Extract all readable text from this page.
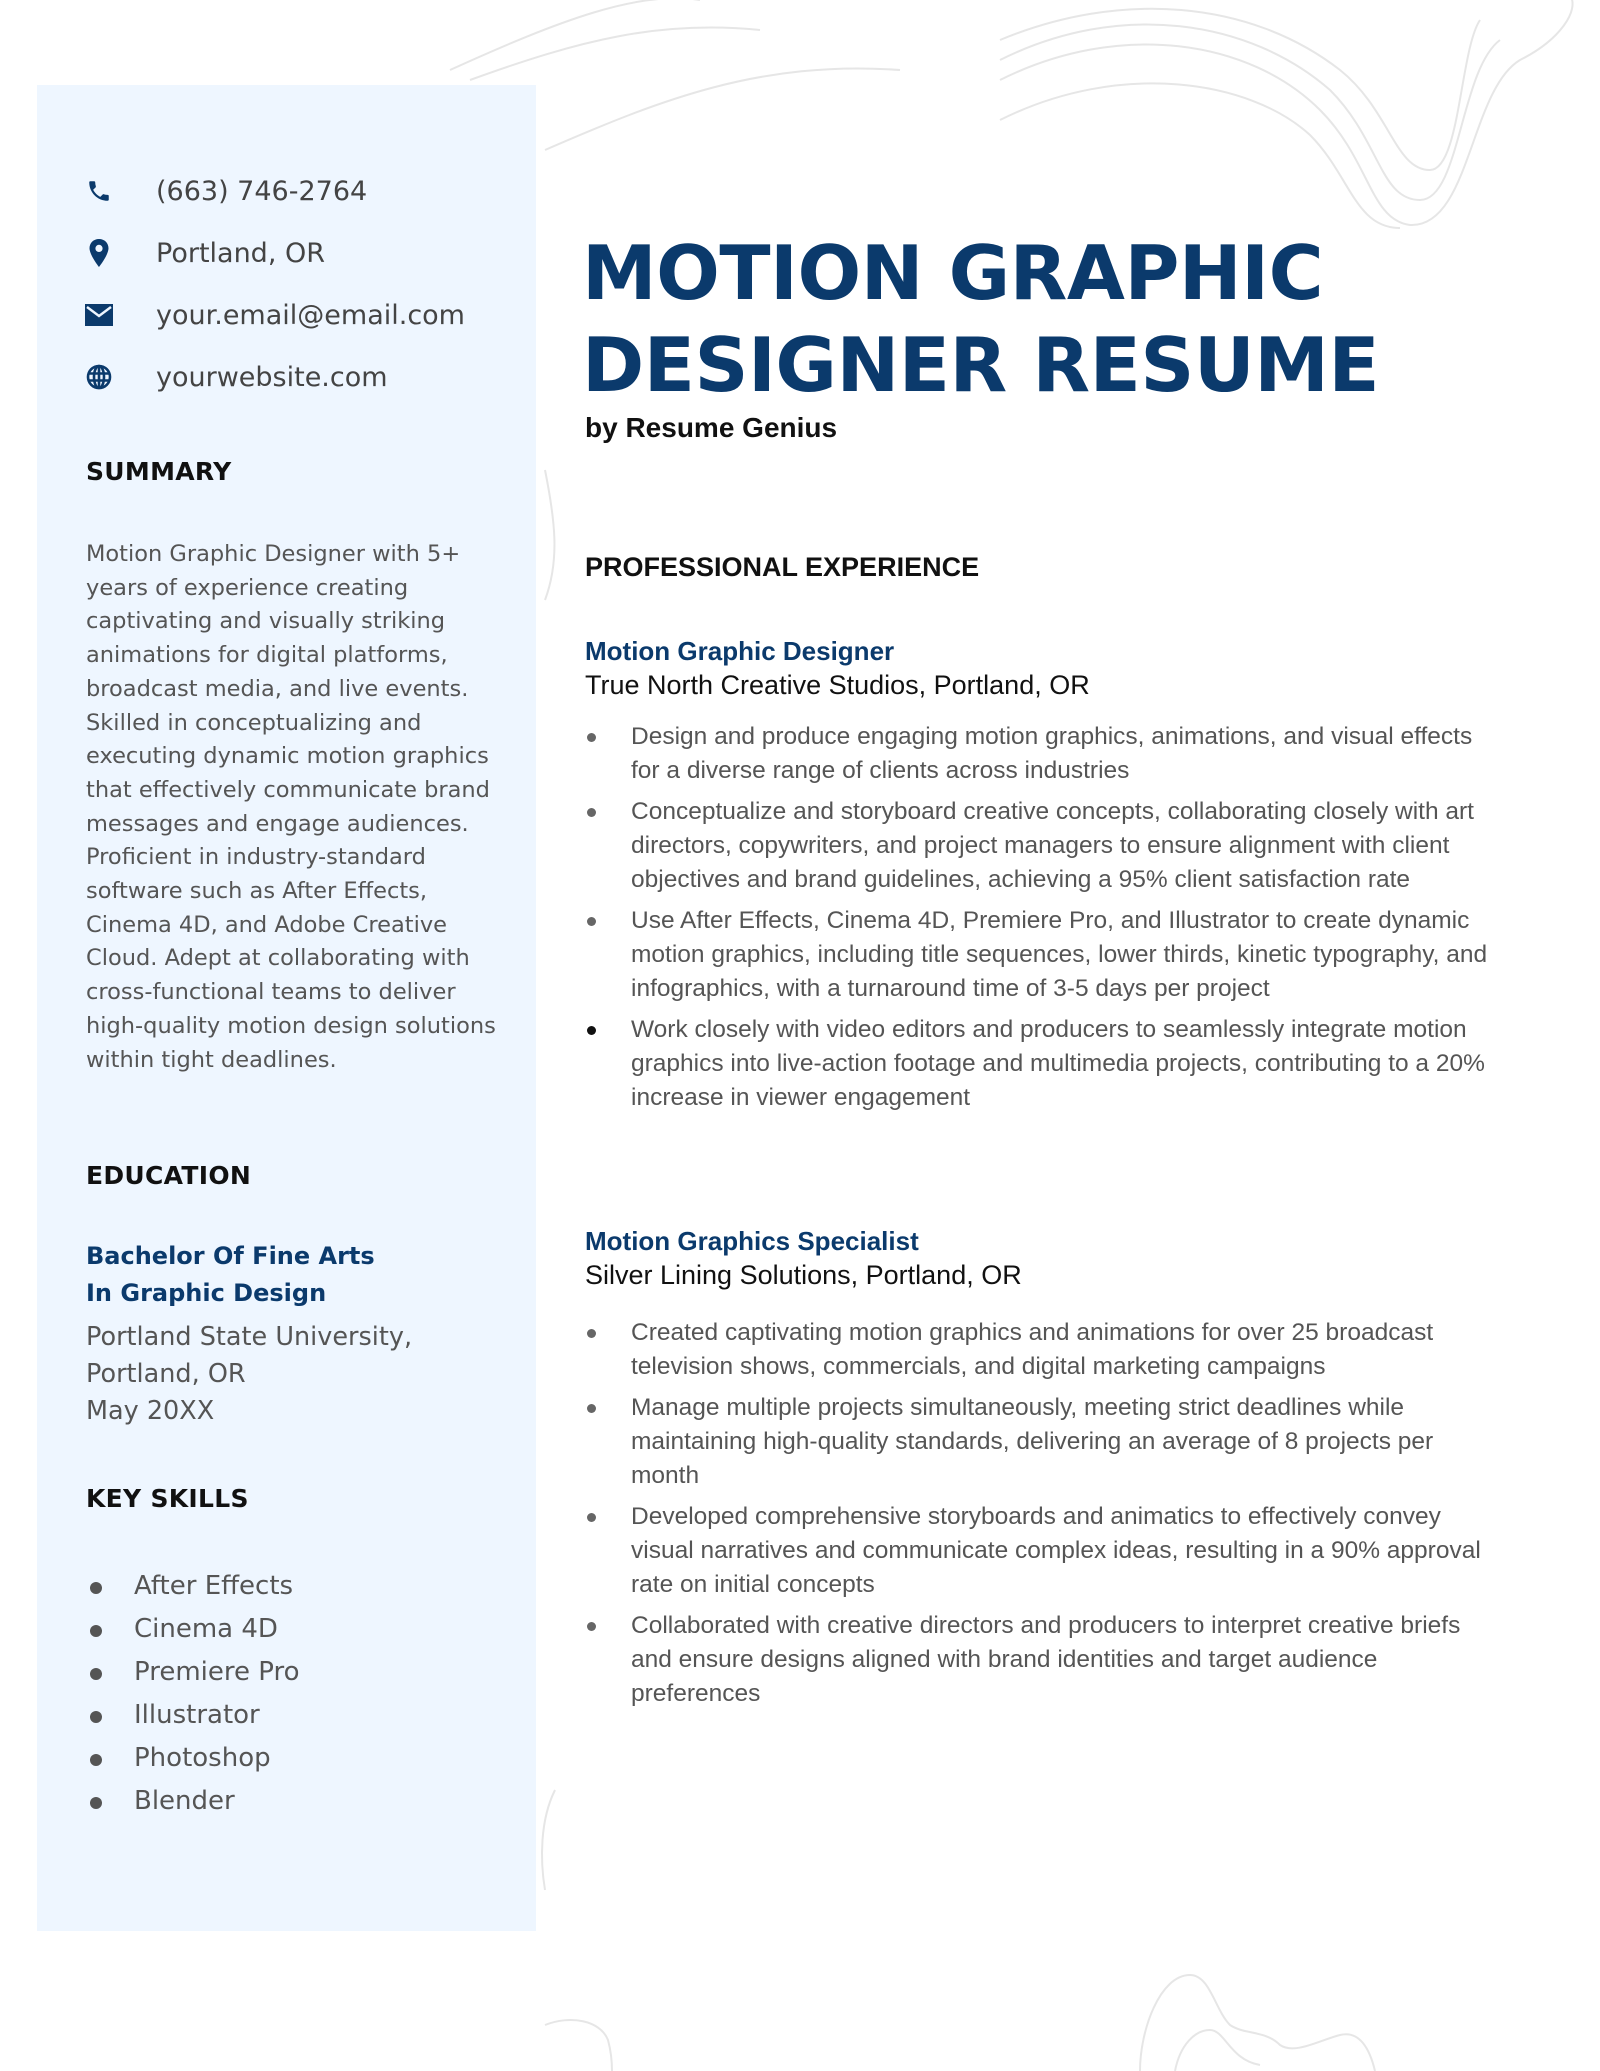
(663) 746-2764
Portland, OR
your.email@email.com
yourwebsite.com
SUMMARY
Motion Graphic Designer with 5+ years of experience creating captivating and visually striking animations for digital platforms, broadcast media, and live events. Skilled in conceptualizing and executing dynamic motion graphics that effectively communicate brand messages and engage audiences. Proficient in industry-standard software such as After Effects, Cinema 4D, and Adobe Creative Cloud. Adept at collaborating with cross-functional teams to deliver high-quality motion design solutions within tight deadlines.
EDUCATION
Bachelor Of Fine Arts
In Graphic Design
Portland State University,
Portland, OR
May 20XX
KEY SKILLS
After Effects
Cinema 4D
Premiere Pro
Illustrator
Photoshop
Blender
MOTION GRAPHIC
DESIGNER RESUME
by Resume Genius
PROFESSIONAL EXPERIENCE
Motion Graphic Designer
True North Creative Studios, Portland, OR
Design and produce engaging motion graphics, animations, and visual effects for a diverse range of clients across industries
Conceptualize and storyboard creative concepts, collaborating closely with art directors, copywriters, and project managers to ensure alignment with client objectives and brand guidelines, achieving a 95% client satisfaction rate
Use After Effects, Cinema 4D, Premiere Pro, and Illustrator to create dynamic motion graphics, including title sequences, lower thirds, kinetic typography, and infographics, with a turnaround time of 3-5 days per project
Work closely with video editors and producers to seamlessly integrate motion graphics into live-action footage and multimedia projects, contributing to a 20% increase in viewer engagement
Motion Graphics Specialist
Silver Lining Solutions, Portland, OR
Created captivating motion graphics and animations for over 25 broadcast television shows, commercials, and digital marketing campaigns
Manage multiple projects simultaneously, meeting strict deadlines while maintaining high-quality standards, delivering an average of 8 projects per month
Developed comprehensive storyboards and animatics to effectively convey visual narratives and communicate complex ideas, resulting in a 90% approval rate on initial concepts
Collaborated with creative directors and producers to interpret creative briefs and ensure designs aligned with brand identities and target audience preferences
